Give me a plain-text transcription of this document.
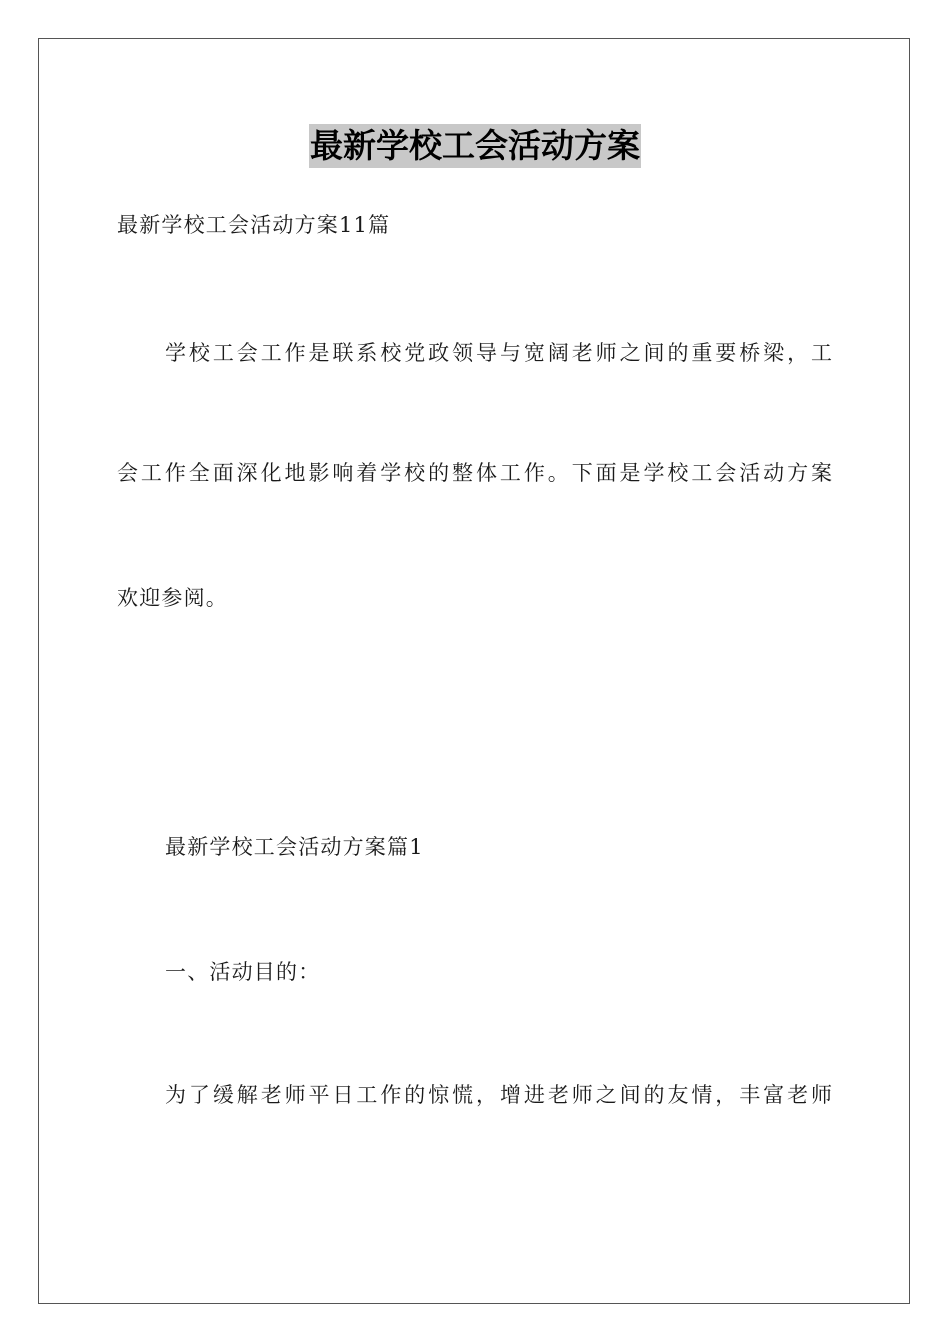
最新学校工会活动方案
最新学校工会活动方案11篇
学校工会工作是联系校党政领导与宽阔老师之间的重要桥梁，工
会工作全面深化地影响着学校的整体工作。下面是学校工会活动方案
欢迎参阅。
最新学校工会活动方案篇1
一、活动目的：
为了缓解老师平日工作的惊慌，增进老师之间的友情，丰富老师
